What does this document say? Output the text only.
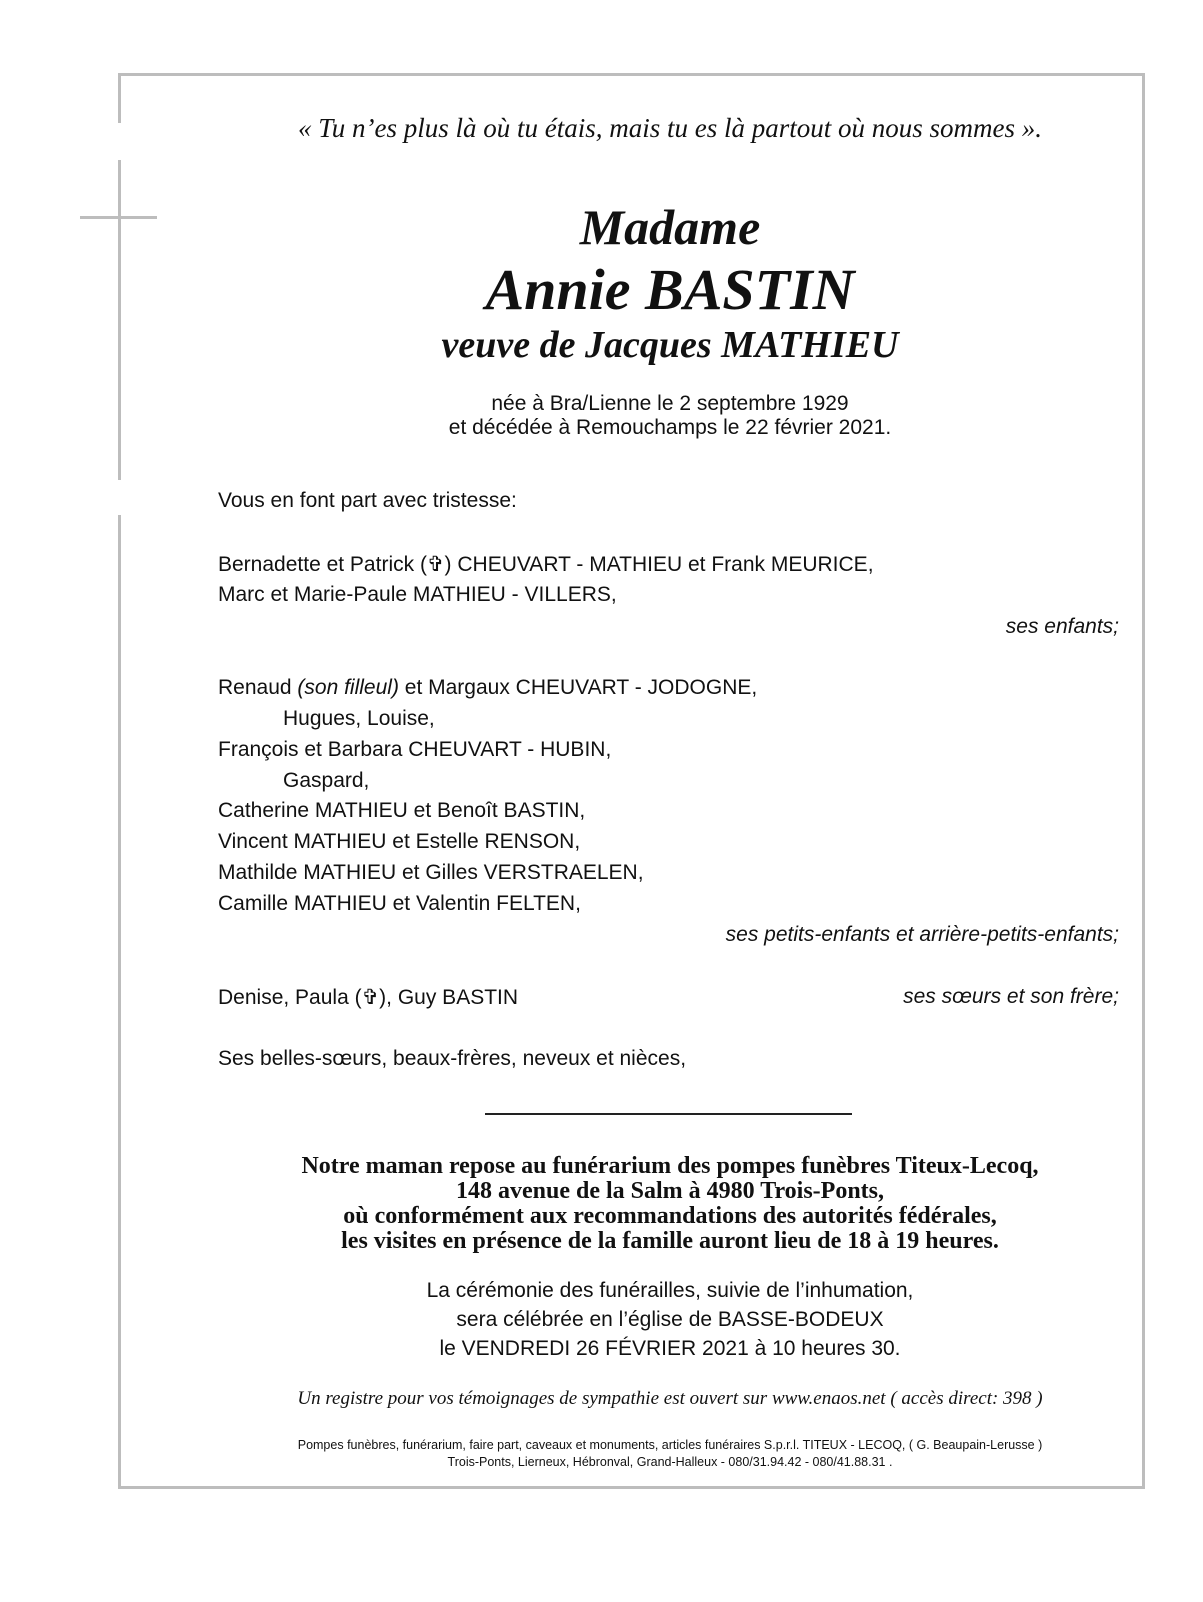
« Tu n’es plus là où tu étais, mais tu es là partout où nous sommes ».
Madame
Annie BASTIN
veuve de Jacques MATHIEU
née à Bra/Lienne le 2 septembre 1929
et décédée à Remouchamps le 22 février 2021.
Vous en font part avec tristesse:
Bernadette et Patrick (✞) CHEUVART - MATHIEU et Frank MEURICE,
Marc et Marie-Paule MATHIEU - VILLERS,
ses enfants;
Renaud (son filleul) et Margaux CHEUVART - JODOGNE,
Hugues, Louise,
François et Barbara CHEUVART - HUBIN,
Gaspard,
Catherine MATHIEU et Benoît BASTIN,
Vincent MATHIEU et Estelle RENSON,
Mathilde MATHIEU et Gilles VERSTRAELEN,
Camille MATHIEU et Valentin FELTEN,
ses petits-enfants et arrière-petits-enfants;
Denise, Paula (✞), Guy BASTIN	ses sœurs et son frère;
Ses belles-sœurs, beaux-frères, neveux et nièces,
Notre maman repose au funérarium des pompes funèbres Titeux-Lecoq,
148 avenue de la Salm à 4980 Trois-Ponts,
où conformément aux recommandations des autorités fédérales,
les visites en présence de la famille auront lieu de 18 à 19 heures.
La cérémonie des funérailles, suivie de l’inhumation,
sera célébrée en l’église de BASSE-BODEUX
le VENDREDI 26 FÉVRIER 2021 à 10 heures 30.
Un registre pour vos témoignages de sympathie est ouvert sur www.enaos.net ( accès direct: 398 )
Pompes funèbres, funérarium, faire part, caveaux et monuments, articles funéraires S.p.r.l. TITEUX - LECOQ, ( G. Beaupain-Lerusse )
Trois-Ponts, Lierneux, Hébronval, Grand-Halleux - 080/31.94.42 - 080/41.88.31 .
